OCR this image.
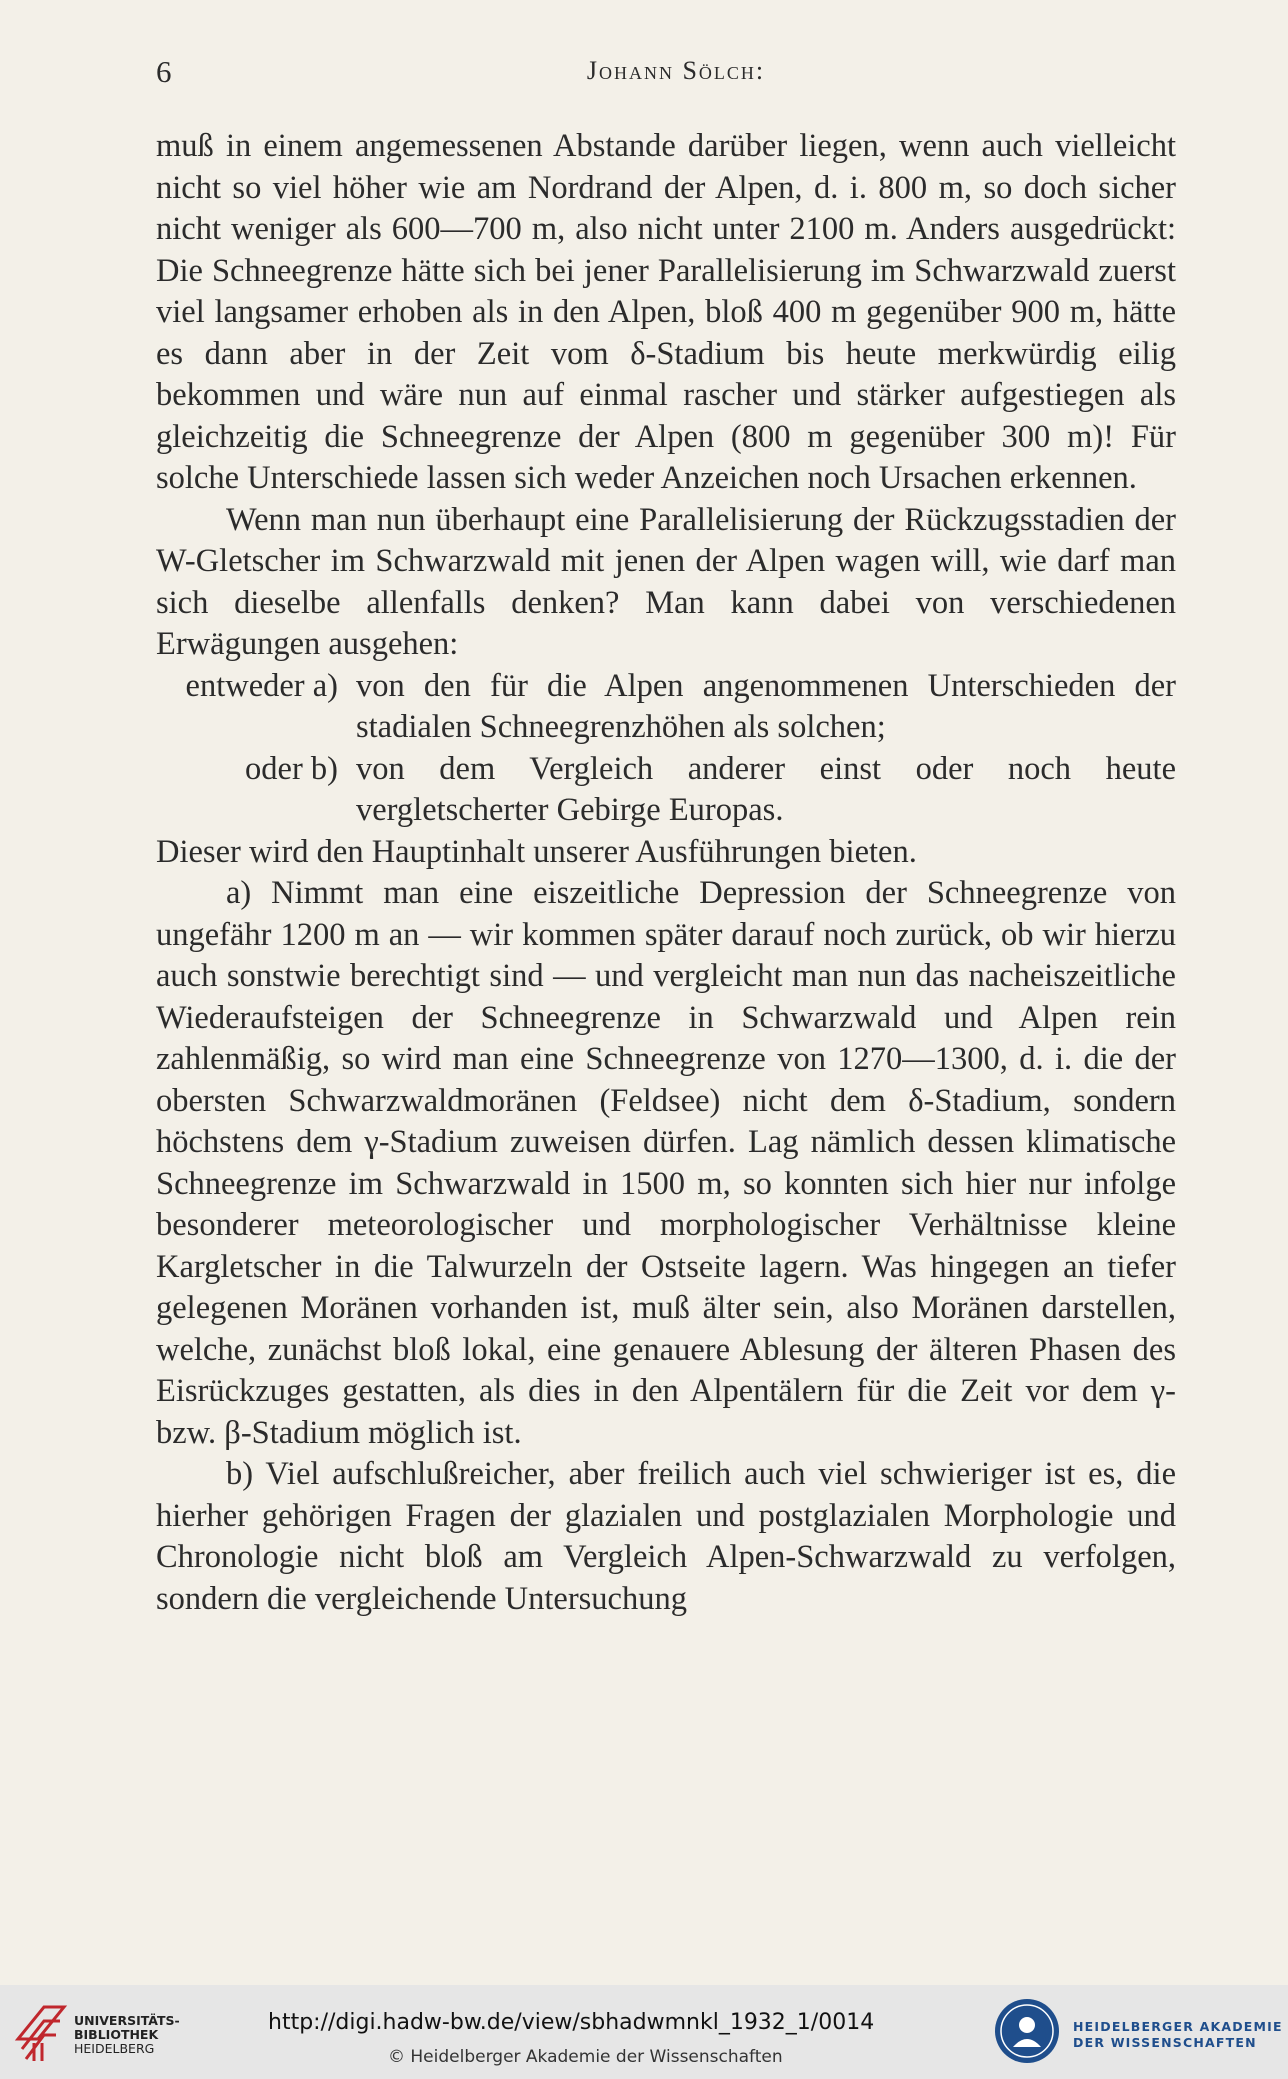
6	Johann Sölch:

muß in einem angemessenen Abstande darüber liegen, wenn auch vielleicht nicht so viel höher wie am Nordrand der Alpen, d. i. 800 m, so doch sicher nicht weniger als 600—700 m, also nicht unter 2100 m. Anders ausgedrückt: Die Schneegrenze hätte sich bei jener Parallelisierung im Schwarzwald zuerst viel langsamer erhoben als in den Alpen, bloß 400 m gegenüber 900 m, hätte es dann aber in der Zeit vom δ-Stadium bis heute merkwürdig eilig bekommen und wäre nun auf einmal rascher und stärker aufgestiegen als gleichzeitig die Schneegrenze der Alpen (800 m gegenüber 300 m)! Für solche Unterschiede lassen sich weder Anzeichen noch Ursachen erkennen.

Wenn man nun überhaupt eine Parallelisierung der Rückzugsstadien der W-Gletscher im Schwarzwald mit jenen der Alpen wagen will, wie darf man sich dieselbe allenfalls denken? Man kann dabei von verschiedenen Erwägungen ausgehen:

entweder a) von den für die Alpen angenommenen Unterschieden der stadialen Schneegrenzhöhen als solchen;
oder b) von dem Vergleich anderer einst oder noch heute vergletscherter Gebirge Europas.

Dieser wird den Hauptinhalt unserer Ausführungen bieten.

a) Nimmt man eine eiszeitliche Depression der Schneegrenze von ungefähr 1200 m an — wir kommen später darauf noch zurück, ob wir hierzu auch sonstwie berechtigt sind — und vergleicht man nun das nacheiszeitliche Wiederaufsteigen der Schneegrenze in Schwarzwald und Alpen rein zahlenmäßig, so wird man eine Schneegrenze von 1270—1300, d. i. die der obersten Schwarzwaldmoränen (Feldsee) nicht dem δ-Stadium, sondern höchstens dem γ-Stadium zuweisen dürfen. Lag nämlich dessen klimatische Schneegrenze im Schwarzwald in 1500 m, so konnten sich hier nur infolge besonderer meteorologischer und morphologischer Verhältnisse kleine Kargletscher in die Talwurzeln der Ostseite lagern. Was hingegen an tiefer gelegenen Moränen vorhanden ist, muß älter sein, also Moränen darstellen, welche, zunächst bloß lokal, eine genauere Ablesung der älteren Phasen des Eisrückzuges gestatten, als dies in den Alpentälern für die Zeit vor dem γ- bzw. β-Stadium möglich ist.

b) Viel aufschlußreicher, aber freilich auch viel schwieriger ist es, die hierher gehörigen Fragen der glazialen und postglazialen Morphologie und Chronologie nicht bloß am Vergleich Alpen-Schwarzwald zu verfolgen, sondern die vergleichende Untersuchung

UNIVERSITÄTS-
BIBLIOTHEK
HEIDELBERG
http://digi.hadw-bw.de/view/sbhadwmnkl_1932_1/0014
© Heidelberger Akademie der Wissenschaften
HEIDELBERGER AKADEMIE
DER WISSENSCHAFTEN
